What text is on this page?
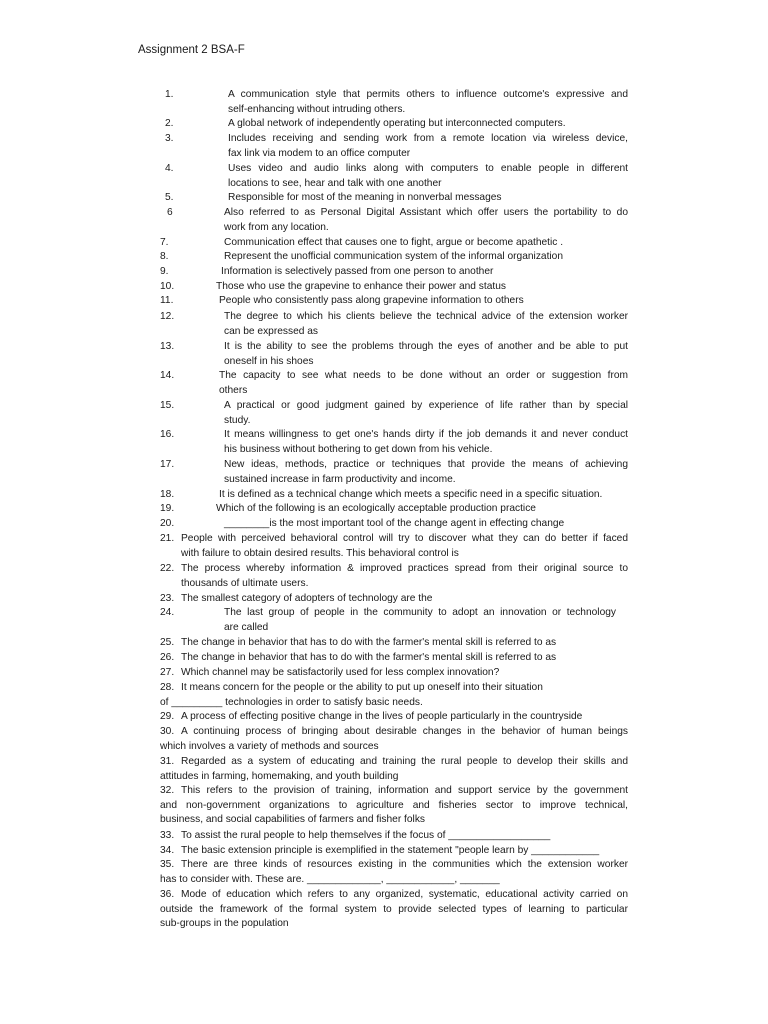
Assignment 2 BSA-F
1.	A communication style that permits others to influence outcome's expressive and
self-enhancing without intruding others.
2.	A global network of independently operating but interconnected computers.
3.	Includes receiving and sending work from a remote location via wireless device,
fax link via modem to an office computer
4.	Uses video and audio links along with computers to enable people in different
locations to see, hear and talk with one another
5.	Responsible for most of the meaning in nonverbal messages
6	Also referred to as Personal Digital Assistant which offer users the portability to do
work from any location.
7.	Communication effect that causes one to fight, argue or become apathetic .
8.	Represent the unofficial communication system of the informal organization
9.	Information is selectively passed from one person to another
10.	Those who use the grapevine to enhance their power and status
11.	People who consistently pass along grapevine information to others
12.	The degree to which his clients believe the technical advice of the extension worker
can be expressed as
13.	It is the ability to see the problems through the eyes of another and be able to put
oneself in his shoes
14.	The capacity to see what needs to be done without an order or suggestion from
others
15.	A practical or good judgment gained by experience of life rather than by special
study.
16.	It means willingness to get one's hands dirty if the job demands it and never conduct
his business without bothering to get down from his vehicle.
17.	New ideas, methods, practice or techniques that provide the means of achieving
sustained increase in farm productivity and income.
18.	It is defined as a technical change which meets a specific need in a specific situation.
19.	Which of the following is an ecologically acceptable production practice
20.	________is the most important tool of the change agent in effecting change
21. People with perceived behavioral control will try to discover what they can do better if faced
with failure to obtain desired results. This behavioral control is
22. The process whereby information & improved practices spread from their original source to
thousands of ultimate users.
23. The smallest category of adopters of technology are the
24.	The last group of people in the community to adopt an innovation or technology
are called
25. The change in behavior that has to do with the farmer's mental skill is referred to as
26. The change in behavior that has to do with the farmer's mental skill is referred to as
27. Which channel may be satisfactorily used for less complex innovation?
28. It means concern for the people or the ability to put up oneself into their situation
of _________ technologies in order to satisfy basic needs.
29. A process of effecting positive change in the lives of people particularly in the countryside
30. A continuing process of bringing about desirable changes in the behavior of human beings
which involves a variety of methods and sources
31. Regarded as a system of educating and training the rural people to develop their skills and
attitudes in farming, homemaking, and youth building
32. This refers to the provision of training, information and support service by the government
and non-government organizations to agriculture and fisheries sector to improve technical,
business, and social capabilities of farmers and fisher folks
33. To assist the rural people to help themselves if the focus of __________________
34. The basic extension principle is exemplified in the statement "people learn by ____________
35. There are three kinds of resources existing in the communities which the extension worker
has to consider with. These are. _____________, ____________, _______
36. Mode of education which refers to any organized, systematic, educational activity carried on
outside the framework of the formal system to provide selected types of learning to particular
sub-groups in the population
